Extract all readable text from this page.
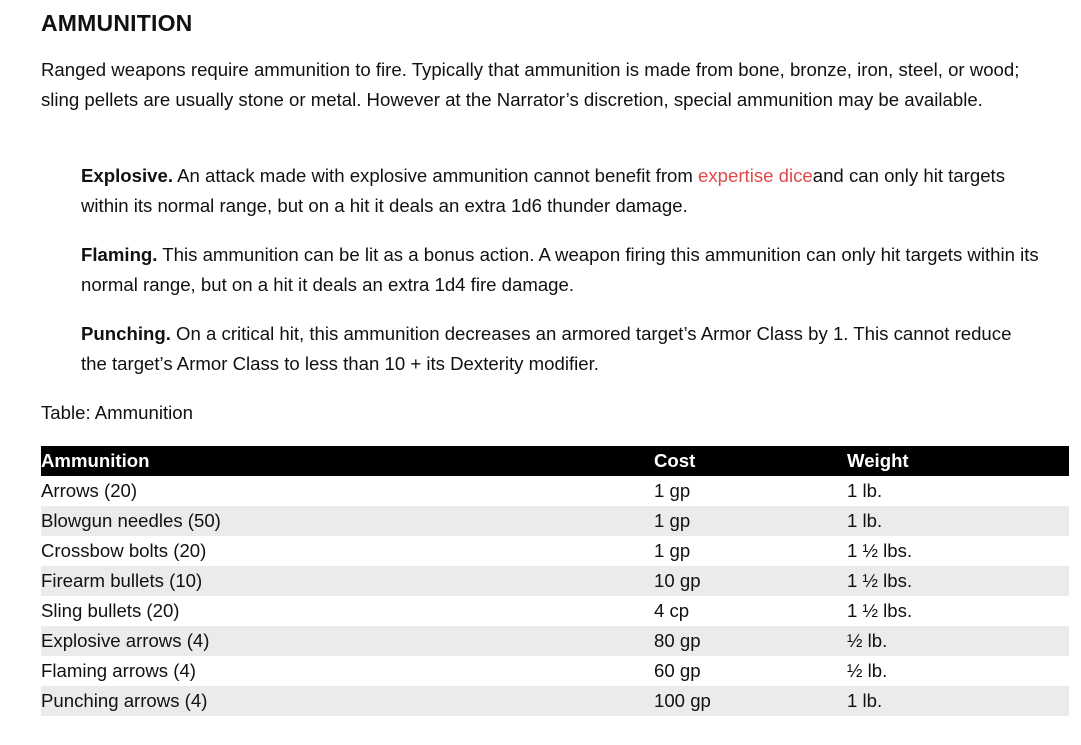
AMMUNITION

Ranged weapons require ammunition to fire. Typically that ammunition is made from bone, bronze, iron, steel, or wood; sling pellets are usually stone or metal. However at the Narrator’s discretion, special ammunition may be available.

Explosive. An attack made with explosive ammunition cannot benefit from expertise diceand can only hit targets within its normal range, but on a hit it deals an extra 1d6 thunder damage.

Flaming. This ammunition can be lit as a bonus action. A weapon firing this ammunition can only hit targets within its normal range, but on a hit it deals an extra 1d4 fire damage.

Punching. On a critical hit, this ammunition decreases an armored target’s Armor Class by 1. This cannot reduce the target’s Armor Class to less than 10 + its Dexterity modifier.

Table: Ammunition

Ammunition	Cost	Weight
Arrows (20)	1 gp	1 lb.
Blowgun needles (50)	1 gp	1 lb.
Crossbow bolts (20)	1 gp	1 ½ lbs.
Firearm bullets (10)	10 gp	1 ½ lbs.
Sling bullets (20)	4 cp	1 ½ lbs.
Explosive arrows (4)	80 gp	½ lb.
Flaming arrows (4)	60 gp	½ lb.
Punching arrows (4)	100 gp	1 lb.
